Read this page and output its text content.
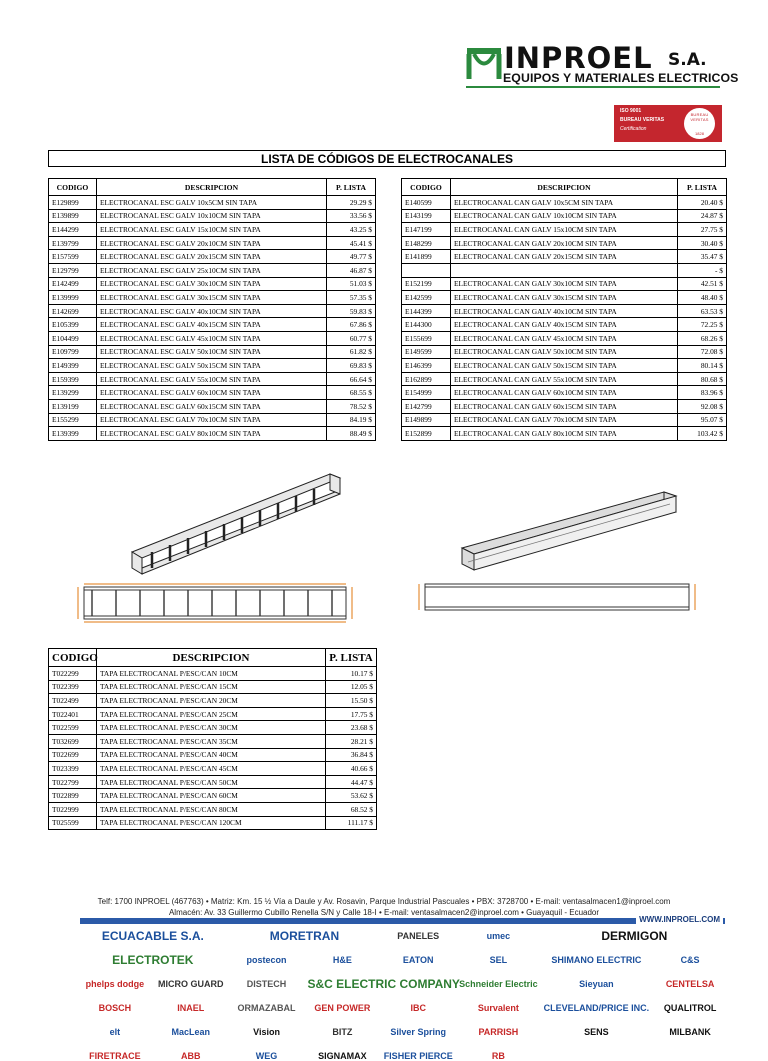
INPROEL S.A.
EQUIPOS Y MATERIALES ELECTRICOS
ISO 9001
BUREAU VERITAS
Certification
BUREAU VERITAS
1828
LISTA DE CÓDIGOS DE ELECTROCANALES
CODIGO	DESCRIPCION	P. LISTA
E129899	ELECTROCANAL ESC GALV 10x5CM SIN TAPA	29.29 $
E139899	ELECTROCANAL ESC GALV 10x10CM SIN TAPA	33.56 $
E144299	ELECTROCANAL ESC GALV 15x10CM SIN TAPA	43.25 $
E139799	ELECTROCANAL ESC GALV 20x10CM SIN TAPA	45.41 $
E157599	ELECTROCANAL ESC GALV 20x15CM SIN TAPA	49.77 $
E129799	ELECTROCANAL ESC GALV 25x10CM SIN TAPA	46.87 $
E142499	ELECTROCANAL ESC GALV 30x10CM SIN TAPA	51.03 $
E139999	ELECTROCANAL ESC GALV 30x15CM SIN TAPA	57.35 $
E142699	ELECTROCANAL ESC GALV 40x10CM SIN TAPA	59.83 $
E105399	ELECTROCANAL ESC GALV 40x15CM SIN TAPA	67.86 $
E104499	ELECTROCANAL ESC GALV 45x10CM SIN TAPA	60.77 $
E109799	ELECTROCANAL ESC GALV 50x10CM SIN TAPA	61.82 $
E149399	ELECTROCANAL ESC GALV 50x15CM SIN TAPA	69.83 $
E159399	ELECTROCANAL ESC GALV 55x10CM SIN TAPA	66.64 $
E139299	ELECTROCANAL ESC GALV 60x10CM SIN TAPA	68.55 $
E139199	ELECTROCANAL ESC GALV 60x15CM SIN TAPA	78.52 $
E155299	ELECTROCANAL ESC GALV 70x10CM SIN TAPA	84.19 $
E139399	ELECTROCANAL ESC GALV 80x10CM SIN TAPA	88.49 $
CODIGO	DESCRIPCION	P. LISTA
E140599	ELECTROCANAL CAN GALV 10x5CM SIN TAPA	20.40 $
E143199	ELECTROCANAL CAN GALV 10x10CM SIN TAPA	24.87 $
E147199	ELECTROCANAL CAN GALV 15x10CM SIN TAPA	27.75 $
E148299	ELECTROCANAL CAN GALV 20x10CM SIN TAPA	30.40 $
E141899	ELECTROCANAL CAN GALV 20x15CM SIN TAPA	35.47 $
		- $
E152199	ELECTROCANAL CAN GALV 30x10CM SIN TAPA	42.51 $
E142599	ELECTROCANAL CAN GALV 30x15CM SIN TAPA	48.40 $
E144399	ELECTROCANAL CAN GALV 40x10CM SIN TAPA	63.53 $
E144300	ELECTROCANAL CAN GALV 40x15CM SIN TAPA	72.25 $
E155699	ELECTROCANAL CAN GALV 45x10CM SIN TAPA	68.26 $
E149599	ELECTROCANAL CAN GALV 50x10CM SIN TAPA	72.08 $
E146399	ELECTROCANAL CAN GALV 50x15CM SIN TAPA	80.14 $
E162899	ELECTROCANAL CAN GALV 55x10CM SIN TAPA	80.68 $
E154999	ELECTROCANAL CAN GALV 60x10CM SIN TAPA	83.96 $
E142799	ELECTROCANAL CAN GALV 60x15CM SIN TAPA	92.08 $
E149899	ELECTROCANAL CAN GALV 70x10CM SIN TAPA	95.07 $
E152899	ELECTROCANAL CAN GALV 80x10CM SIN TAPA	103.42 $
CODIGO	DESCRIPCION	P. LISTA
T022299	TAPA ELECTROCANAL P/ESC/CAN 10CM	10.17 $
T022399	TAPA ELECTROCANAL P/ESC/CAN 15CM	12.05 $
T022499	TAPA ELECTROCANAL P/ESC/CAN 20CM	15.50 $
T022401	TAPA ELECTROCANAL P/ESC/CAN 25CM	17.75 $
T022599	TAPA ELECTROCANAL P/ESC/CAN 30CM	23.68 $
T032699	TAPA ELECTROCANAL P/ESC/CAN 35CM	28.21 $
T022699	TAPA ELECTROCANAL P/ESC/CAN 40CM	36.84 $
T023399	TAPA ELECTROCANAL P/ESC/CAN 45CM	40.66 $
T022799	TAPA ELECTROCANAL P/ESC/CAN 50CM	44.47 $
T022899	TAPA ELECTROCANAL P/ESC/CAN 60CM	53.62 $
T022999	TAPA ELECTROCANAL P/ESC/CAN 80CM	68.52 $
T025599	TAPA ELECTROCANAL P/ESC/CAN 120CM	111.17 $
Telf: 1700 INPROEL (467763) • Matriz: Km. 15 ½ Vía a Daule y Av. Rosavin, Parque Industrial Pascuales • PBX: 3728700 • E-mail: ventasalmacen1@inproel.com
Almacén: Av. 33 Guillermo Cubillo Renella S/N y Calle 18-I • E-mail: ventasalmacen2@inproel.com • Guayaquil - Ecuador
WWW.INPROEL.COM
ECUACABLE S.A.	MORETRAN	PANELES	umec	DERMIGON
ELECTROTEK	postecon	H&E	EATON	SEL	SHIMANO ELECTRIC	C&S
phelps dodge	MICRO GUARD	DISTECH	S&C ELECTRIC COMPANY Schneider Electric	Sieyuan	CENTELSA
BOSCH	INAEL	ORMAZABAL	GEN POWER	IBC	Survalent	CLEVELAND/PRICE INC.	QUALITROL
elt	MacLean	Vision	BITZ	Silver Spring	PARRISH	SENS	MILBANK
FIRETRACE	ABB	WEG	SIGNAMAX	FISHER PIERCE	RB
